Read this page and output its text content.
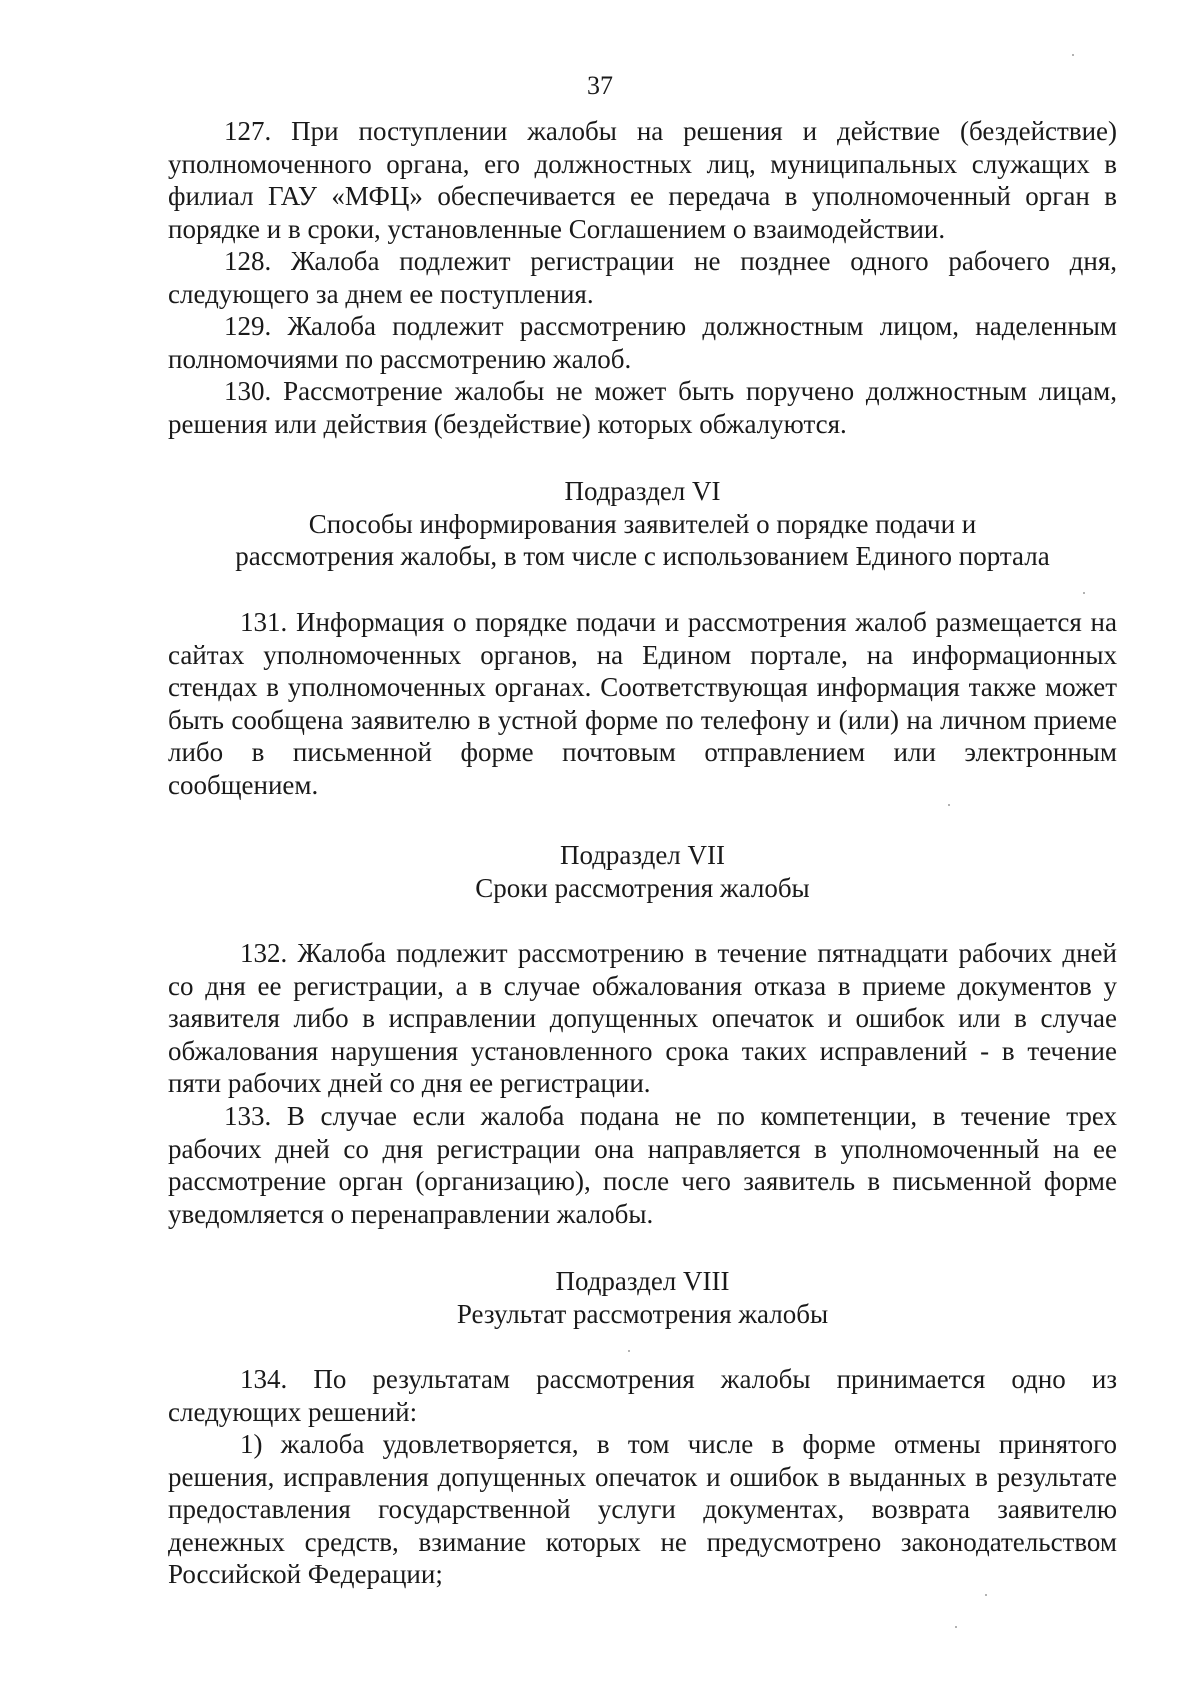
37

127. При поступлении жалобы на решения и действие (бездействие) уполномоченного органа, его должностных лиц, муниципальных служащих в филиал ГАУ «МФЦ» обеспечивается ее передача в уполномоченный орган в порядке и в сроки, установленные Соглашением о взаимодействии.

128. Жалоба подлежит регистрации не позднее одного рабочего дня, следующего за днем ее поступления.

129. Жалоба подлежит рассмотрению должностным лицом, наделенным полномочиями по рассмотрению жалоб.

130. Рассмотрение жалобы не может быть поручено должностным лицам, решения или действия (бездействие) которых обжалуются.

Подраздел VI
Способы информирования заявителей о порядке подачи и
рассмотрения жалобы, в том числе с использованием Единого портала

131. Информация о порядке подачи и рассмотрения жалоб размещается на сайтах уполномоченных органов, на Едином портале, на информационных стендах в уполномоченных органах. Соответствующая информация также может быть сообщена заявителю в устной форме по телефону и (или) на личном приеме либо в письменной форме почтовым отправлением или электронным сообщением.

Подраздел VII
Сроки рассмотрения жалобы

132. Жалоба подлежит рассмотрению в течение пятнадцати рабочих дней со дня ее регистрации, а в случае обжалования отказа в приеме документов у заявителя либо в исправлении допущенных опечаток и ошибок или в случае обжалования нарушения установленного срока таких исправлений - в течение пяти рабочих дней со дня ее регистрации.

133. В случае если жалоба подана не по компетенции, в течение трех рабочих дней со дня регистрации она направляется в уполномоченный на ее рассмотрение орган (организацию), после чего заявитель в письменной форме уведомляется о перенаправлении жалобы.

Подраздел VIII
Результат рассмотрения жалобы

134. По результатам рассмотрения жалобы принимается одно из следующих решений:

1) жалоба удовлетворяется, в том числе в форме отмены принятого решения, исправления допущенных опечаток и ошибок в выданных в результате предоставления государственной услуги документах, возврата заявителю денежных средств, взимание которых не предусмотрено законодательством Российской Федерации;
